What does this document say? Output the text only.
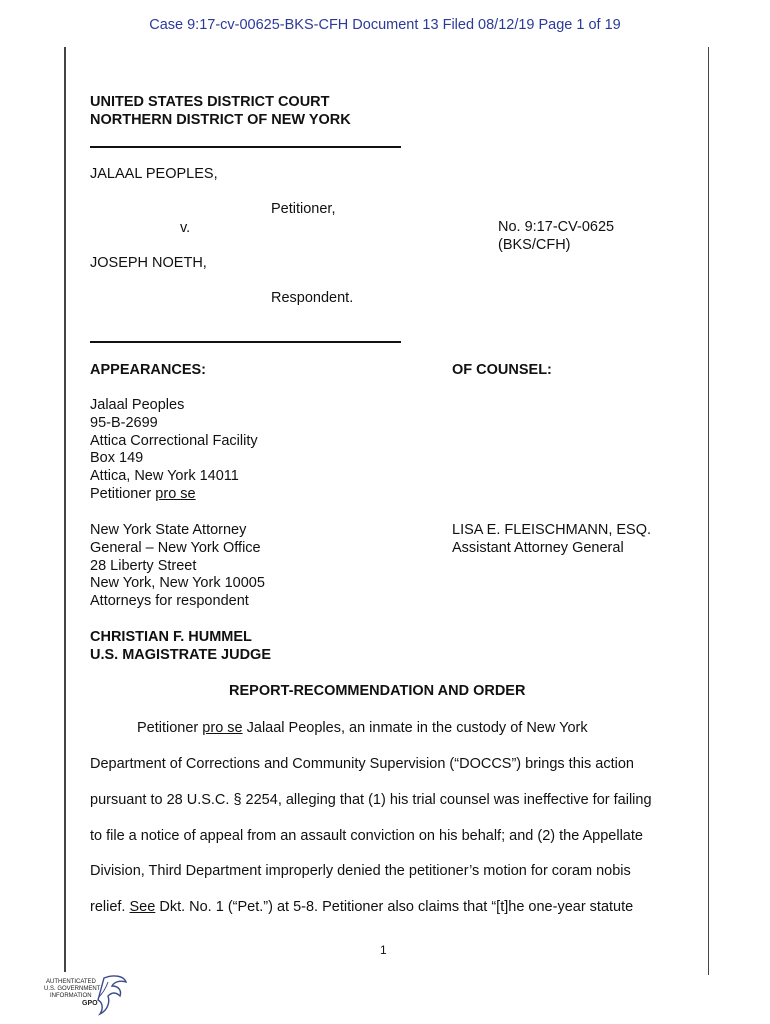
Case 9:17-cv-00625-BKS-CFH Document 13 Filed 08/12/19 Page 1 of 19
UNITED STATES DISTRICT COURT
NORTHERN DISTRICT OF NEW YORK
JALAAL PEOPLES,
Petitioner,
v.	No. 9:17-CV-0625
(BKS/CFH)
JOSEPH NOETH,
Respondent.
APPEARANCES:	OF COUNSEL:
Jalaal Peoples
95-B-2699
Attica Correctional Facility
Box 149
Attica, New York 14011
Petitioner pro se
New York State Attorney
General – New York Office
28 Liberty Street
New York, New York 10005
Attorneys for respondent
LISA E. FLEISCHMANN, ESQ.
Assistant Attorney General
CHRISTIAN F. HUMMEL
U.S. MAGISTRATE JUDGE
REPORT-RECOMMENDATION AND ORDER
Petitioner pro se Jalaal Peoples, an inmate in the custody of New York
Department of Corrections and Community Supervision (“DOCCS”) brings this action
pursuant to 28 U.S.C. § 2254, alleging that (1) his trial counsel was ineffective for failing
to file a notice of appeal from an assault conviction on his behalf; and (2) the Appellate
Division, Third Department improperly denied the petitioner’s motion for coram nobis
relief. See Dkt. No. 1 (“Pet.”) at 5-8. Petitioner also claims that “[t]he one-year statute
1
AUTHENTICATED
U.S. GOVERNMENT
INFORMATION
GPO
